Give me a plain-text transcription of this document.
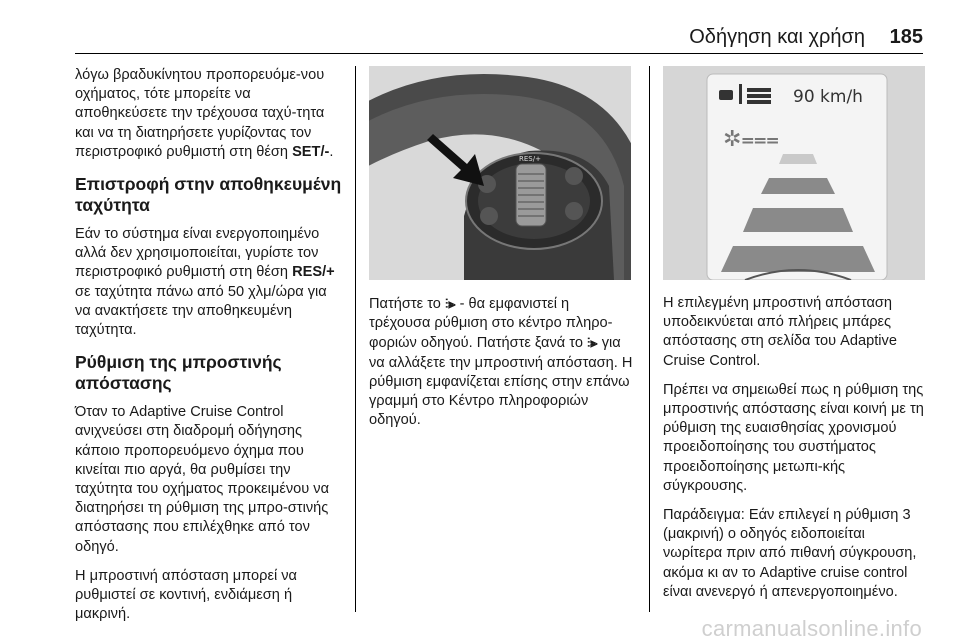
Οδήγηση και χρήση 185

λόγω βραδυκίνητου προπορευόμε-νου οχήματος, τότε μπορείτε να αποθηκεύσετε την τρέχουσα ταχύ-τητα και να τη διατηρήσετε γυρίζοντας τον περιστροφικό ρυθμιστή στη θέση SET/-.

Επιστροφή στην αποθηκευμένη ταχύτητα

Εάν το σύστημα είναι ενεργοποιημένο αλλά δεν χρησιμοποιείται, γυρίστε τον περιστροφικό ρυθμιστή στη θέση RES/+ σε ταχύτητα πάνω από 50 χλμ/ώρα για να ανακτήσετε την αποθηκευμένη ταχύτητα.

Ρύθμιση της μπροστινής απόστασης

Όταν το Adaptive Cruise Control ανιχνεύσει στη διαδρομή οδήγησης κάποιο προπορευόμενο όχημα που κινείται πιο αργά, θα ρυθμίσει την ταχύτητα του οχήματος προκειμένου να διατηρήσει τη ρύθμιση της μπρο-στινής απόστασης που επιλέχθηκε από τον οδηγό.

Η μπροστινή απόσταση μπορεί να ρυθμιστεί σε κοντινή, ενδιάμεση ή μακρινή.

RES/+

Πατήστε το ⫶⫸ - θα εμφανιστεί η τρέχουσα ρύθμιση στο κέντρο πληρο-φοριών οδηγού. Πατήστε ξανά το ⫶⫸ για να αλλάξετε την μπροστινή απόσταση. Η ρύθμιση εμφανίζεται επίσης στην επάνω γραμμή στο Κέντρο πληροφοριών οδηγού.

90 km/h
✲⩶

Η επιλεγμένη μπροστινή απόσταση υποδεικνύεται από πλήρεις μπάρες απόστασης στη σελίδα του Adaptive Cruise Control.

Πρέπει να σημειωθεί πως η ρύθμιση της μπροστινής απόστασης είναι κοινή με τη ρύθμιση της ευαισθησίας χρονισμού προειδοποίησης του συστήματος προειδοποίησης μετωπι-κής σύγκρουσης.

Παράδειγμα: Εάν επιλεγεί η ρύθμιση 3 (μακρινή) ο οδηγός ειδοποιείται νωρίτερα πριν από πιθανή σύγκρουση, ακόμα κι αν το Adaptive cruise control είναι ανενεργό ή απενεργοποιημένο.

carmanualsonline.info
